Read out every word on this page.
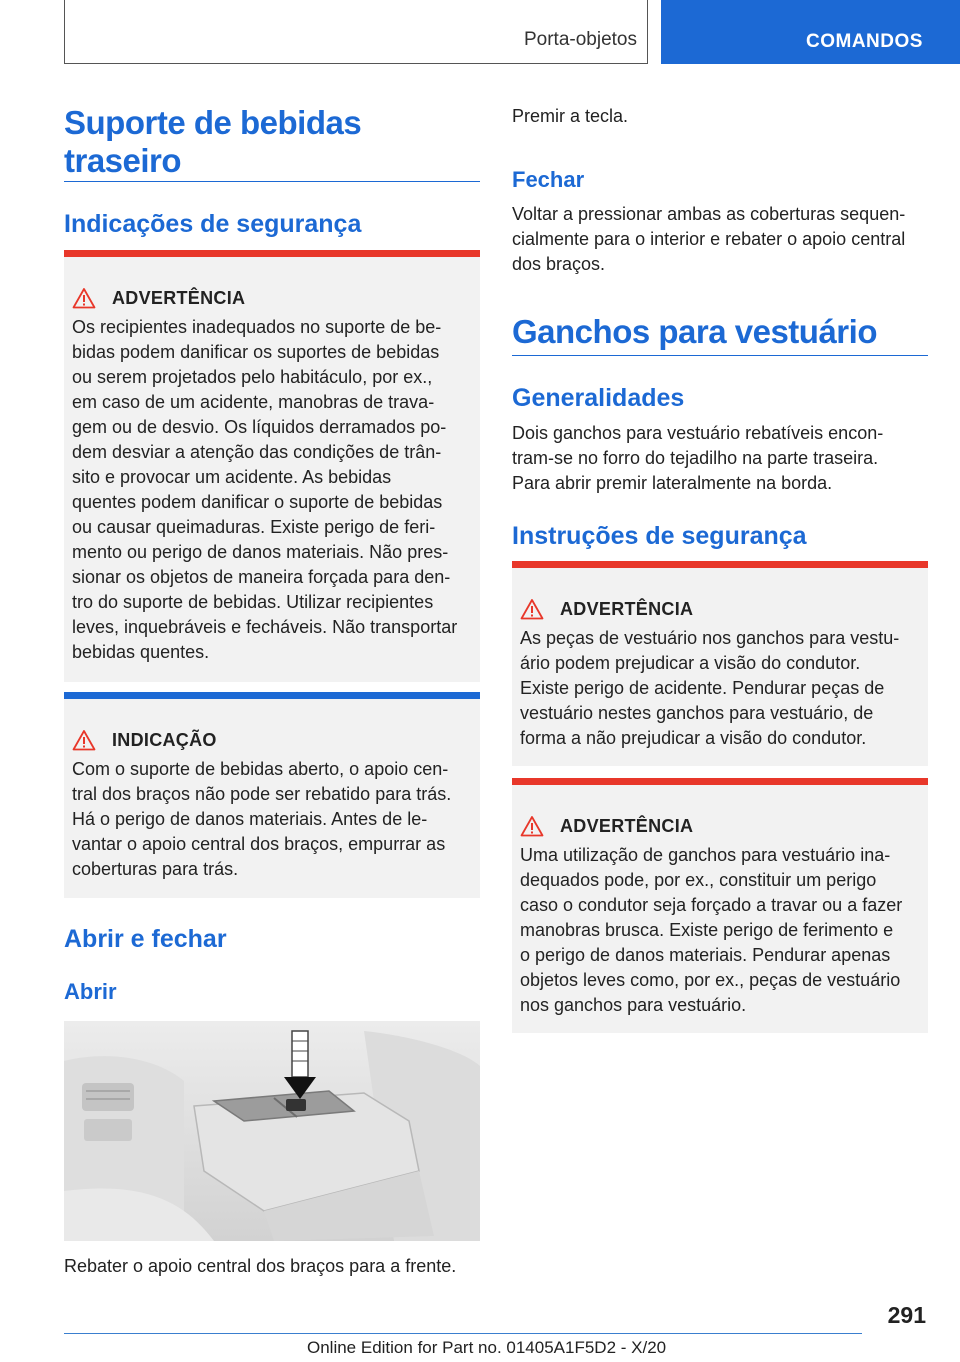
Porta-objetos	COMANDOS
Suporte de bebidas
traseiro
Indicações de segurança
ADVERTÊNCIA
Os recipientes inadequados no suporte de be-
bidas podem danificar os suportes de bebidas
ou serem projetados pelo habitáculo, por ex.,
em caso de um acidente, manobras de trava-
gem ou de desvio. Os líquidos derramados po-
dem desviar a atenção das condições de trân-
sito e provocar um acidente. As bebidas
quentes podem danificar o suporte de bebidas
ou causar queimaduras. Existe perigo de feri-
mento ou perigo de danos materiais. Não pres-
sionar os objetos de maneira forçada para den-
tro do suporte de bebidas. Utilizar recipientes
leves, inquebráveis e fecháveis. Não transportar
bebidas quentes.
INDICAÇÃO
Com o suporte de bebidas aberto, o apoio cen-
tral dos braços não pode ser rebatido para trás.
Há o perigo de danos materiais. Antes de le-
vantar o apoio central dos braços, empurrar as
coberturas para trás.
Abrir e fechar
Abrir
Rebater o apoio central dos braços para a frente.
Premir a tecla.
Fechar
Voltar a pressionar ambas as coberturas sequen-
cialmente para o interior e rebater o apoio central
dos braços.
Ganchos para vestuário
Generalidades
Dois ganchos para vestuário rebatíveis encon-
tram-se no forro do tejadilho na parte traseira.
Para abrir premir lateralmente na borda.
Instruções de segurança
ADVERTÊNCIA
As peças de vestuário nos ganchos para vestu-
ário podem prejudicar a visão do condutor.
Existe perigo de acidente. Pendurar peças de
vestuário nestes ganchos para vestuário, de
forma a não prejudicar a visão do condutor.
ADVERTÊNCIA
Uma utilização de ganchos para vestuário ina-
dequados pode, por ex., constituir um perigo
caso o condutor seja forçado a travar ou a fazer
manobras brusca. Existe perigo de ferimento e
o perigo de danos materiais. Pendurar apenas
objetos leves como, por ex., peças de vestuário
nos ganchos para vestuário.
291
Online Edition for Part no. 01405A1F5D2 - X/20
